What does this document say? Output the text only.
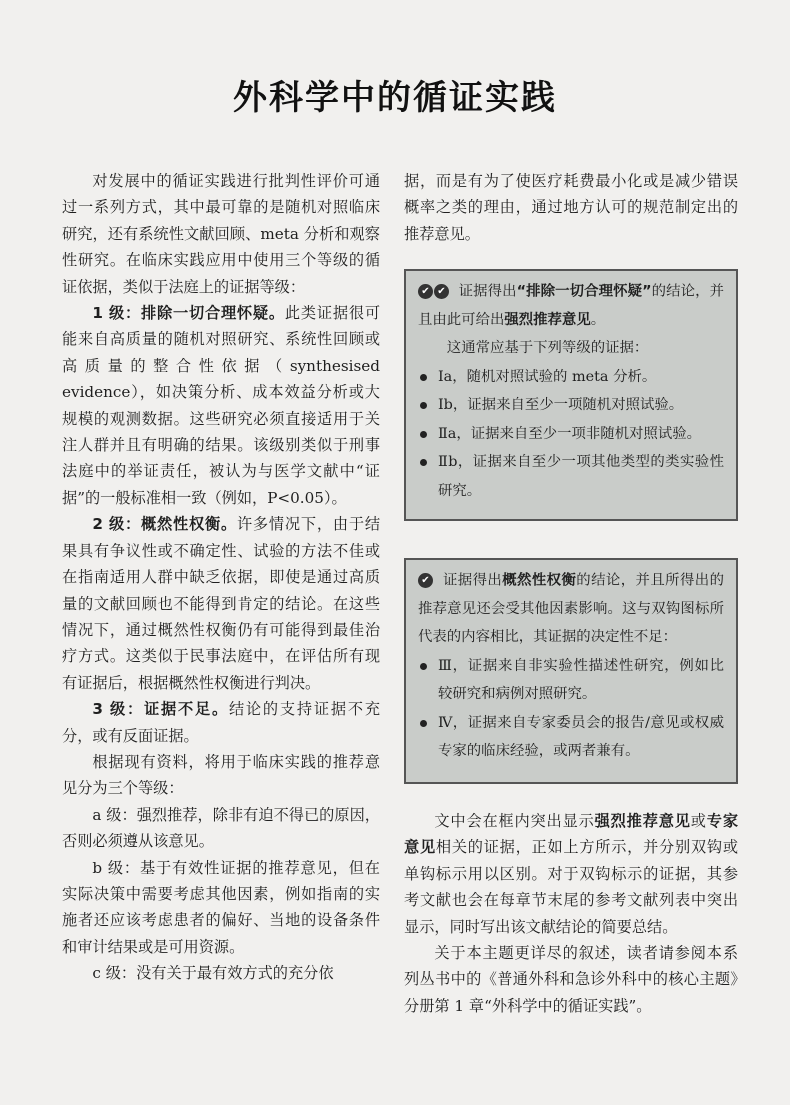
外科学中的循证实践

对发展中的循证实践进行批判性评价可通过一系列方式，其中最可靠的是随机对照临床研究，还有系统性文献回顾、meta 分析和观察性研究。在临床实践应用中使用三个等级的循证依据，类似于法庭上的证据等级：

1 级：排除一切合理怀疑。此类证据很可能来自高质量的随机对照研究、系统性回顾或高质量的整合性依据（synthesised evidence），如决策分析、成本效益分析或大规模的观测数据。这些研究必须直接适用于关注人群并且有明确的结果。该级别类似于刑事法庭中的举证责任，被认为与医学文献中“证据”的一般标准相一致（例如，P<0.05）。

2 级：概然性权衡。许多情况下，由于结果具有争议性或不确定性、试验的方法不佳或在指南适用人群中缺乏依据，即使是通过高质量的文献回顾也不能得到肯定的结论。在这些情况下，通过概然性权衡仍有可能得到最佳治疗方式。这类似于民事法庭中，在评估所有现有证据后，根据概然性权衡进行判决。

3 级：证据不足。结论的支持证据不充分，或有反面证据。

根据现有资料，将用于临床实践的推荐意见分为三个等级：

a 级：强烈推荐，除非有迫不得已的原因，否则必须遵从该意见。

b 级：基于有效性证据的推荐意见，但在实际决策中需要考虑其他因素，例如指南的实施者还应该考虑患者的偏好、当地的设备条件和审计结果或是可用资源。

c 级：没有关于最有效方式的充分依

据，而是有为了使医疗耗费最小化或是减少错误概率之类的理由，通过地方认可的规范制定出的推荐意见。

✔ ✔ 证据得出“排除一切合理怀疑”的结论，并且由此可给出强烈推荐意见。

这通常应基于下列等级的证据：

Ⅰa，随机对照试验的 meta 分析。
Ⅰb，证据来自至少一项随机对照试验。
Ⅱa，证据来自至少一项非随机对照试验。
Ⅱb，证据来自至少一项其他类型的类实验性研究。

✔ 证据得出概然性权衡的结论，并且所得出的推荐意见还会受其他因素影响。这与双钩图标所代表的内容相比，其证据的决定性不足：

Ⅲ，证据来自非实验性描述性研究，例如比较研究和病例对照研究。
Ⅳ，证据来自专家委员会的报告/意见或权威专家的临床经验，或两者兼有。

文中会在框内突出显示强烈推荐意见或专家意见相关的证据，正如上方所示，并分别双钩或单钩标示用以区别。对于双钩标示的证据，其参考文献也会在每章节末尾的参考文献列表中突出显示，同时写出该文献结论的简要总结。

关于本主题更详尽的叙述，读者请参阅本系列丛书中的《普通外科和急诊外科中的核心主题》分册第 1 章“外科学中的循证实践”。
